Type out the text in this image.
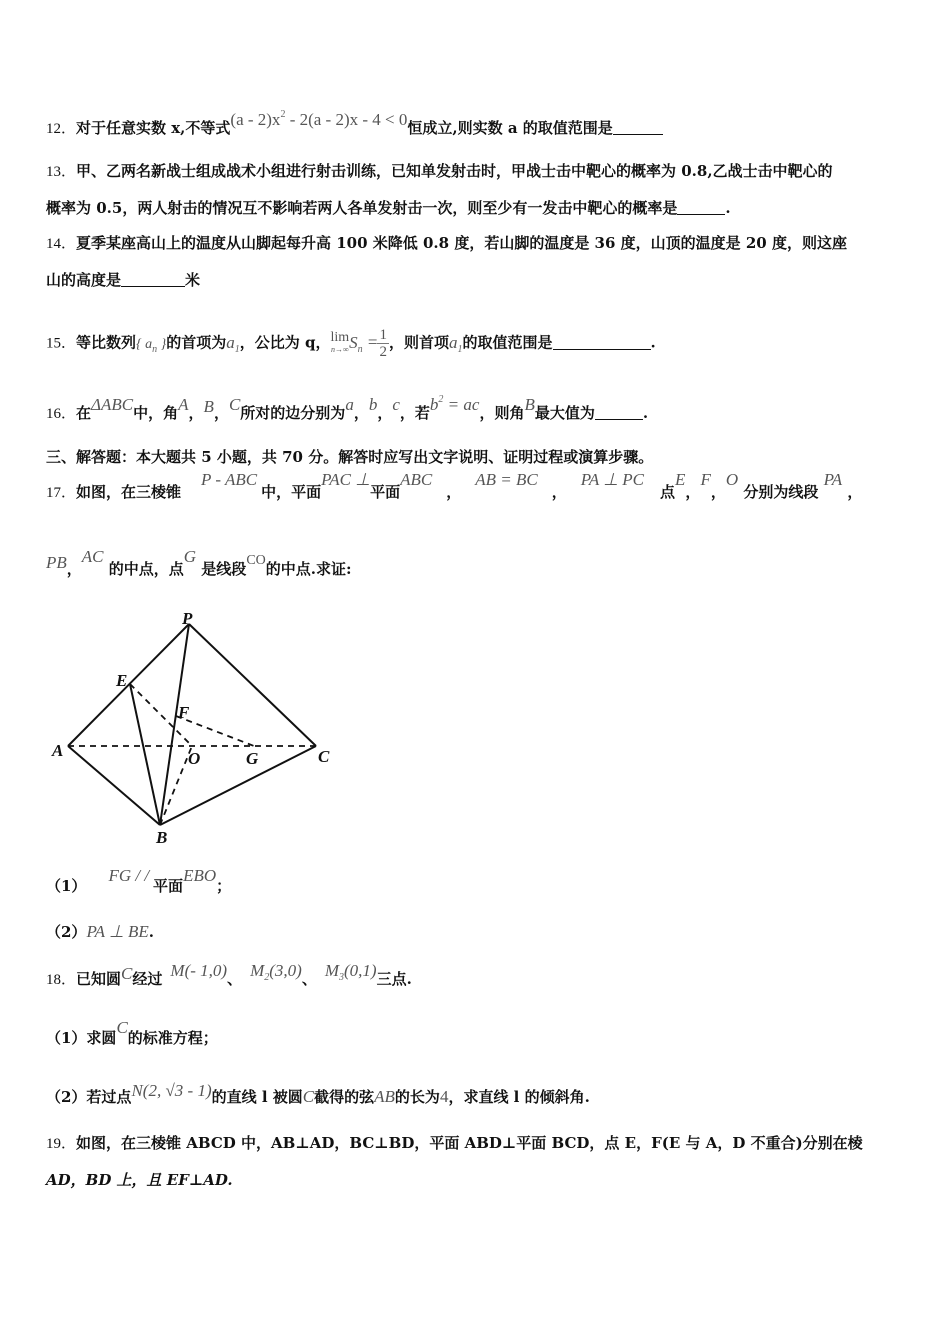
12．对于任意实数 x,不等式$(a - 2)x^2 - 2(a - 2)x - 4 < 0$恒成立,则实数 a 的取值范围是
13．甲、乙两名新战士组成战术小组进行射击训练，已知单发射击时，甲战士击中靶心的概率为 0.8,乙战士击中靶心的
概率为 0.5，两人射击的情况互不影响若两人各单发射击一次，则至少有一发击中靶心的概率是	.
14．夏季某座高山上的温度从山脚起每升高 100 米降低 0.8 度，若山脚的温度是 36 度，山顶的温度是 20 度，则这座
山的高度是	米
15．等比数列{ $a_n$ }的首项为$a_1$，公比为 q，lim
n→∞ $S_n = \frac{1}{2}$ ，则首项$a_1$的取值范围是	.
16．在ΔABC中，角A，B，C所对的边分别为a，b，c，若$b^2$ = ac，则角B最大值为	.
三、解答题：本大题共 5 小题，共 70 分。解答时应写出文字说明、证明过程或演算步骤。
17．如图，在三棱锥P - ABC中，平面PAC ⊥平面ABC，AB = BC，PA ⊥ PC点E，F，O 分别为线段 PA ，
PB，AC 的中点，点G 是线段CO的中点.求证:
P
E
F
A	O	G	C
B
（1）FG / /平面EBO；
（2）PA ⊥ BE.
18．已知圆C经过 M(- 1,0)、 $M_2(3,0)$、 $M_3(0,1)$三点.
（1）求圆C的标准方程；
（2）若过点N(2, √3 - 1)的直线 l 被圆C截得的弦AB的长为4，求直线 l 的倾斜角.
19．如图，在三棱锥 ABCD 中，AB⊥AD，BC⊥BD，平面 ABD⊥平面 BCD，点 E，F(E 与 A，D 不重合)分别在棱
AD，BD 上，且 EF⊥AD.
